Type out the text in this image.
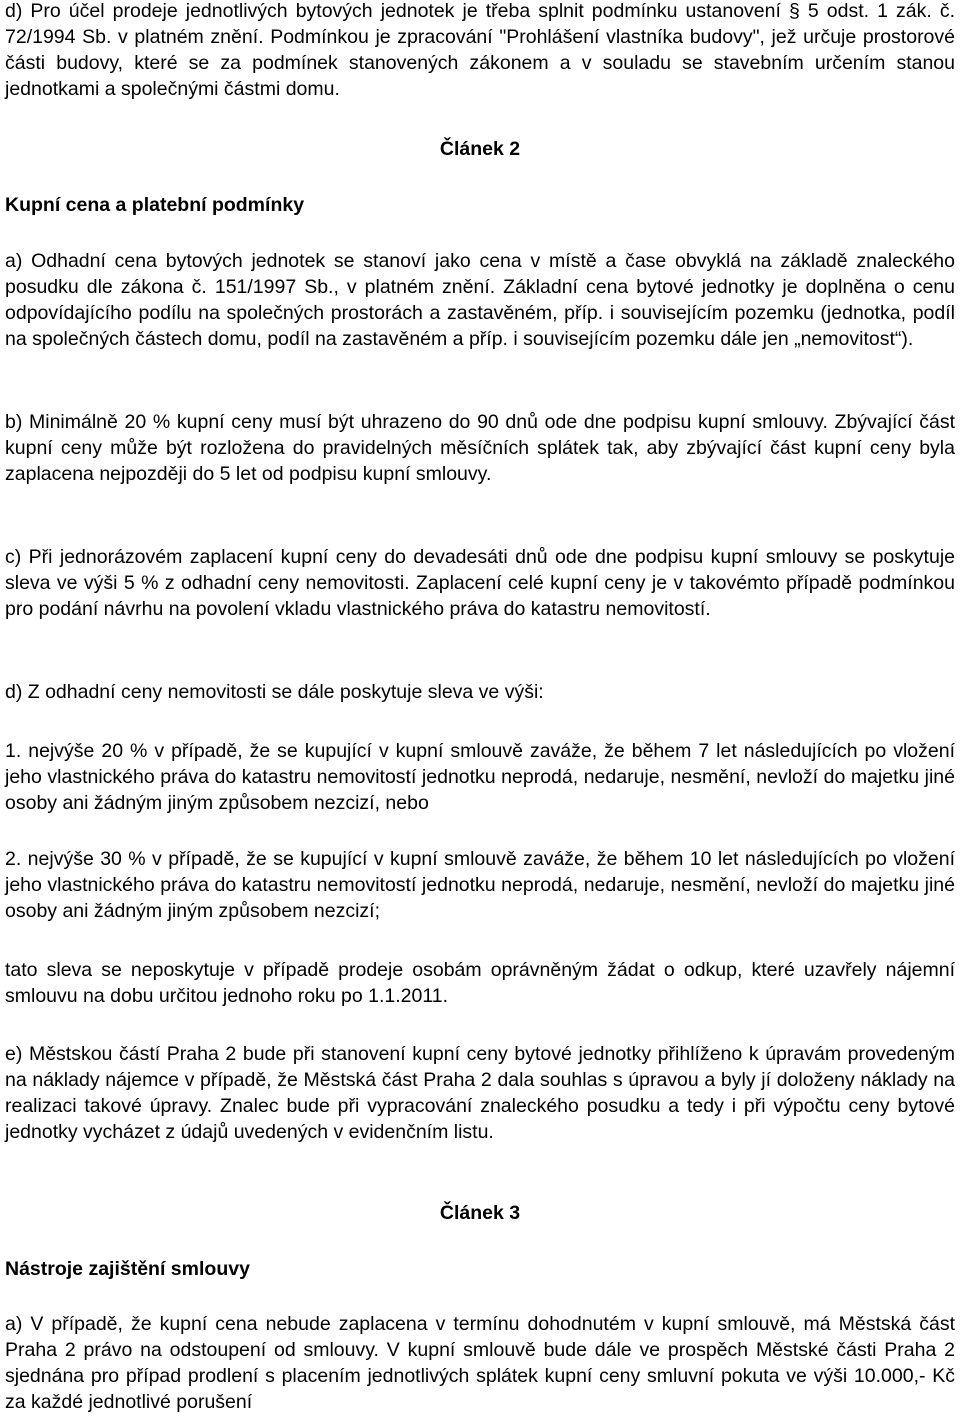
d) Pro účel prodeje jednotlivých bytových jednotek je třeba splnit podmínku ustanovení § 5 odst. 1 zák. č. 72/1994 Sb. v platném znění. Podmínkou je zpracování "Prohlášení vlastníka budovy", jež určuje prostorové části budovy, které se za podmínek stanovených zákonem a v souladu se stavebním určením stanou jednotkami a společnými částmi domu.

Článek 2

Kupní cena a platební podmínky

a) Odhadní cena bytových jednotek se stanoví jako cena v místě a čase obvyklá na základě znaleckého posudku dle zákona č. 151/1997 Sb., v platném znění. Základní cena bytové jednotky je doplněna o cenu odpovídajícího podílu na společných prostorách a zastavěném, příp. i souvisejícím pozemku (jednotka, podíl na společných částech domu, podíl na zastavěném a příp. i souvisejícím pozemku dále jen „nemovitost“).

b) Minimálně 20 % kupní ceny musí být uhrazeno do 90 dnů ode dne podpisu kupní smlouvy. Zbývající část kupní ceny může být rozložena do pravidelných měsíčních splátek tak, aby zbývající část kupní ceny byla zaplacena nejpozději do 5 let od podpisu kupní smlouvy.

c) Při jednorázovém zaplacení kupní ceny do devadesáti dnů ode dne podpisu kupní smlouvy se poskytuje sleva ve výši 5 % z odhadní ceny nemovitosti. Zaplacení celé kupní ceny je v takovémto případě podmínkou pro podání návrhu na povolení vkladu vlastnického práva do katastru nemovitostí.

d) Z odhadní ceny nemovitosti se dále poskytuje sleva ve výši:

1. nejvýše 20 % v případě, že se kupující v kupní smlouvě zaváže, že během 7 let následujících po vložení jeho vlastnického práva do katastru nemovitostí jednotku neprodá, nedaruje, nesmění, nevloží do majetku jiné osoby ani žádným jiným způsobem nezcizí, nebo

2. nejvýše 30 % v případě, že se kupující v kupní smlouvě zaváže, že během 10 let následujících po vložení jeho vlastnického práva do katastru nemovitostí jednotku neprodá, nedaruje, nesmění, nevloží do majetku jiné osoby ani žádným jiným způsobem nezcizí;

tato sleva se neposkytuje v případě prodeje osobám oprávněným žádat o odkup, které uzavřely nájemní smlouvu na dobu určitou jednoho roku po 1.1.2011.

e) Městskou částí Praha 2 bude při stanovení kupní ceny bytové jednotky přihlíženo k úpravám provedeným na náklady nájemce v případě, že Městská část Praha 2 dala souhlas s úpravou a byly jí doloženy náklady na realizaci takové úpravy. Znalec bude při vypracování znaleckého posudku a tedy i při výpočtu ceny bytové jednotky vycházet z údajů uvedených v evidenčním listu.

Článek 3

Nástroje zajištění smlouvy

a) V případě, že kupní cena nebude zaplacena v termínu dohodnutém v kupní smlouvě, má Městská část Praha 2 právo na odstoupení od smlouvy. V kupní smlouvě bude dále ve prospěch Městské části Praha 2 sjednána pro případ prodlení s placením jednotlivých splátek kupní ceny smluvní pokuta ve výši 10.000,- Kč za každé jednotlivé porušení
